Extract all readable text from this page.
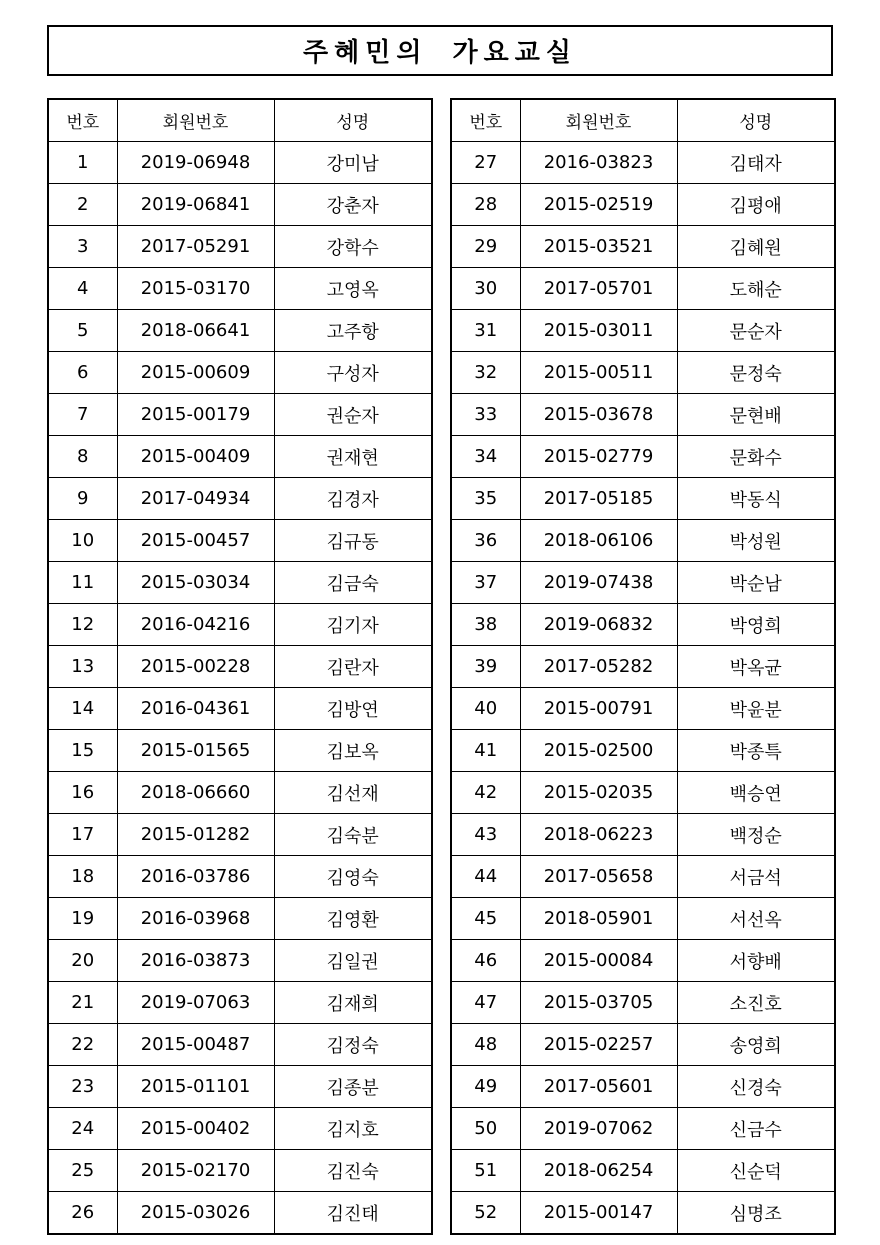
주혜민의 가요교실
번호	회원번호	성명
1	2019-06948	강미남
2	2019-06841	강춘자
3	2017-05291	강학수
4	2015-03170	고영옥
5	2018-06641	고주항
6	2015-00609	구성자
7	2015-00179	권순자
8	2015-00409	권재현
9	2017-04934	김경자
10	2015-00457	김규동
11	2015-03034	김금숙
12	2016-04216	김기자
13	2015-00228	김란자
14	2016-04361	김방연
15	2015-01565	김보옥
16	2018-06660	김선재
17	2015-01282	김숙분
18	2016-03786	김영숙
19	2016-03968	김영환
20	2016-03873	김일권
21	2019-07063	김재희
22	2015-00487	김정숙
23	2015-01101	김종분
24	2015-00402	김지호
25	2015-02170	김진숙
26	2015-03026	김진태
번호	회원번호	성명
27	2016-03823	김태자
28	2015-02519	김평애
29	2015-03521	김혜원
30	2017-05701	도해순
31	2015-03011	문순자
32	2015-00511	문정숙
33	2015-03678	문현배
34	2015-02779	문화수
35	2017-05185	박동식
36	2018-06106	박성원
37	2019-07438	박순남
38	2019-06832	박영희
39	2017-05282	박옥균
40	2015-00791	박윤분
41	2015-02500	박종특
42	2015-02035	백승연
43	2018-06223	백정순
44	2017-05658	서금석
45	2018-05901	서선옥
46	2015-00084	서향배
47	2015-03705	소진호
48	2015-02257	송영희
49	2017-05601	신경숙
50	2019-07062	신금수
51	2018-06254	신순덕
52	2015-00147	심명조
